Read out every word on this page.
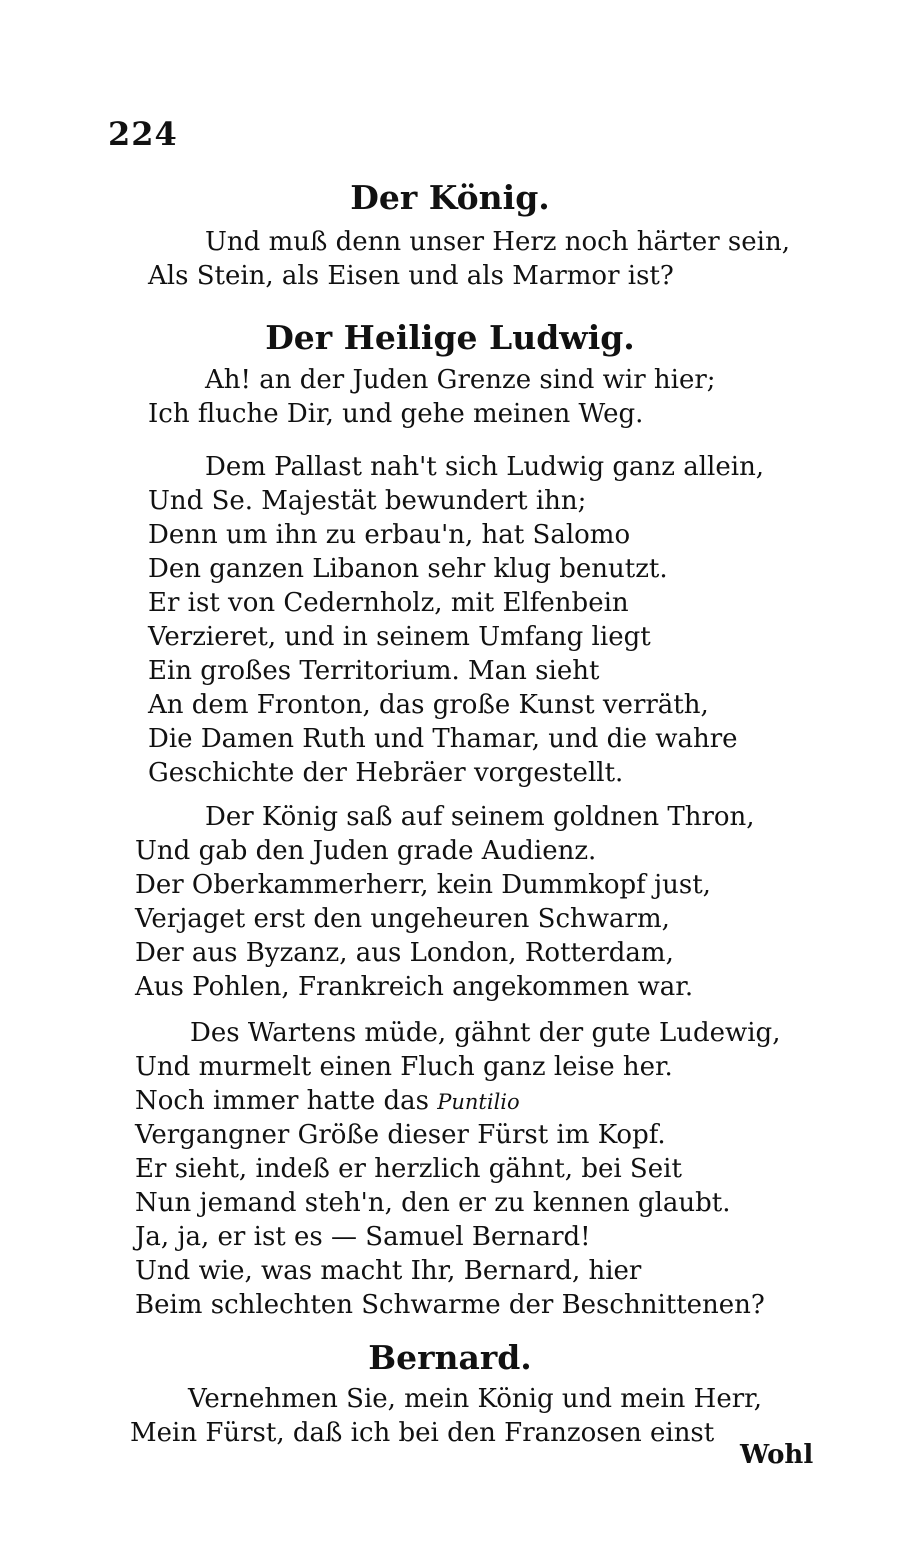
224
Der König.
Und muß denn unser Herz noch härter sein,
Als Stein, als Eisen und als Marmor ist?
Der Heilige Ludwig.
Ah! an der Juden Grenze sind wir hier;
Ich fluche Dir, und gehe meinen Weg.
Dem Pallast nah't sich Ludwig ganz allein,
Und Se. Majestät bewundert ihn;
Denn um ihn zu erbau'n, hat Salomo
Den ganzen Libanon sehr klug benutzt.
Er ist von Cedernholz, mit Elfenbein
Verzieret, und in seinem Umfang liegt
Ein großes Territorium. Man sieht
An dem Fronton, das große Kunst verräth,
Die Damen Ruth und Thamar, und die wahre
Geschichte der Hebräer vorgestellt.
Der König saß auf seinem goldnen Thron,
Und gab den Juden grade Audienz.
Der Oberkammerherr, kein Dummkopf just,
Verjaget erst den ungeheuren Schwarm,
Der aus Byzanz, aus London, Rotterdam,
Aus Pohlen, Frankreich angekommen war.
Des Wartens müde, gähnt der gute Ludewig,
Und murmelt einen Fluch ganz leise her.
Noch immer hatte das Puntilio
Vergangner Größe dieser Fürst im Kopf.
Er sieht, indeß er herzlich gähnt, bei Seit
Nun jemand steh'n, den er zu kennen glaubt.
Ja, ja, er ist es — Samuel Bernard!
Und wie, was macht Ihr, Bernard, hier
Beim schlechten Schwarme der Beschnittenen?
Bernard.
Vernehmen Sie, mein König und mein Herr,
Mein Fürst, daß ich bei den Franzosen einst
Wohl
